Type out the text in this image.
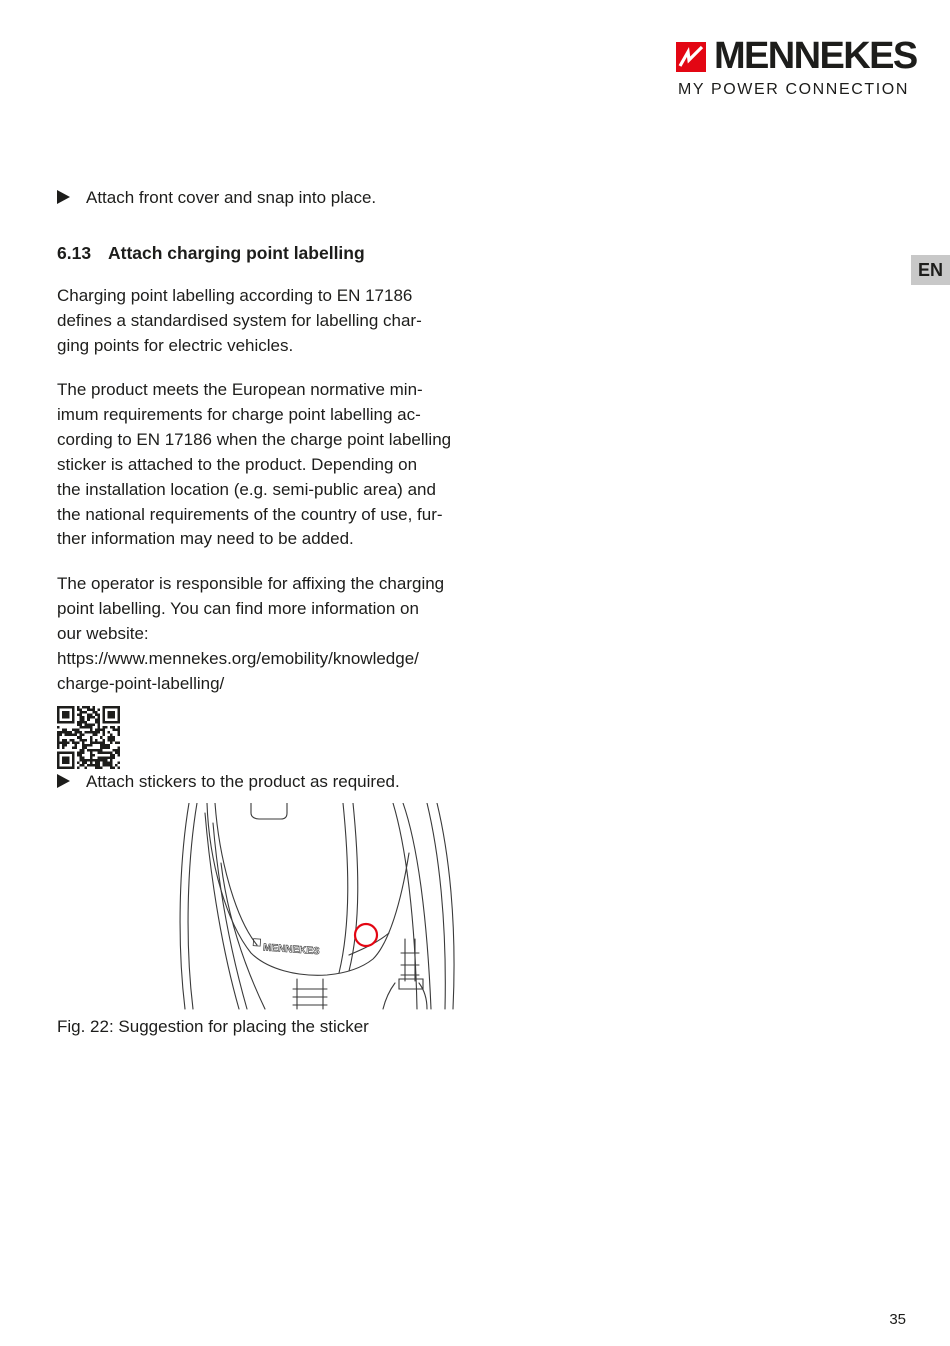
MENNEKES
MY POWER CONNECTION
EN
Attach front cover and snap into place.
6.13 Attach charging point labelling
Charging point labelling according to EN 17186
defines a standardised system for labelling char-
ging points for electric vehicles.
The product meets the European normative min-
imum requirements for charge point labelling ac-
cording to EN 17186 when the charge point labelling
sticker is attached to the product. Depending on
the installation location (e.g. semi-public area) and
the national requirements of the country of use, fur-
ther information may need to be added.
The operator is responsible for affixing the charging
point labelling. You can find more information on
our website:
https://www.mennekes.org/emobility/knowledge/
charge-point-labelling/
Attach stickers to the product as required.
MENNEKES
Fig. 22: Suggestion for placing the sticker
35
